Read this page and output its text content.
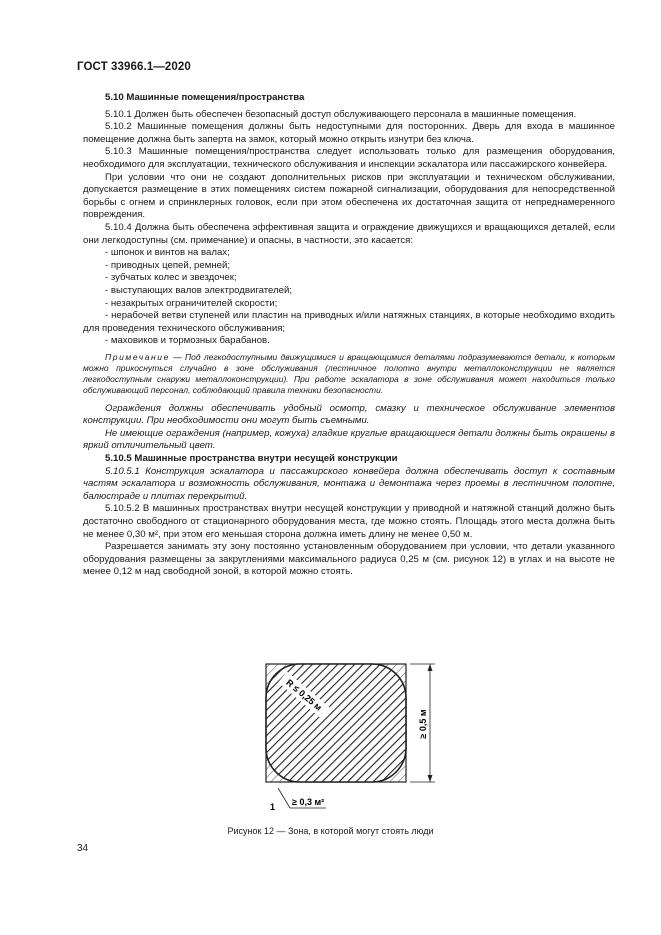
ГОСТ 33966.1—2020

5.10 Машинные помещения/пространства

5.10.1 Должен быть обеспечен безопасный доступ обслуживающего персонала в машинные помещения.

5.10.2 Машинные помещения должны быть недоступными для посторонних. Дверь для входа в машинное помещение должна быть заперта на замок, который можно открыть изнутри без ключа.

5.10.3 Машинные помещения/пространства следует использовать только для размещения оборудования, необходимого для эксплуатации, технического обслуживания и инспекции эскалатора или пассажирского конвейера.

При условии что они не создают дополнительных рисков при эксплуатации и техническом обслуживании, допускается размещение в этих помещениях систем пожарной сигнализации, оборудования для непосредственной борьбы с огнем и спринклерных головок, если при этом обеспечена их достаточная защита от непреднамеренного повреждения.

5.10.4 Должна быть обеспечена эффективная защита и ограждение движущихся и вращающихся деталей, если они легкодоступны (см. примечание) и опасны, в частности, это касается:

- шпонок и винтов на валах;

- приводных цепей, ремней;

- зубчатых колес и звездочек;

- выступающих валов электродвигателей;

- незакрытых ограничителей скорости;

- нерабочей ветви ступеней или пластин на приводных и/или натяжных станциях, в которые необходимо входить для проведения технического обслуживания;

- маховиков и тормозных барабанов.

Примечание — Под легкодоступными движущимися и вращающимися деталями подразумеваются детали, к которым можно прикоснуться случайно в зоне обслуживания (лестничное полотно внутри металлоконструкции не является легкодоступным снаружи металлоконструкции). При работе эскалатора в зоне обслуживания может находиться только обслуживающий персонал, соблюдающий правила техники безопасности.

Ограждения должны обеспечивать удобный осмотр, смазку и техническое обслуживание элементов конструкции. При необходимости они могут быть съемными.

Не имеющие ограждения (например, кожуха) гладкие круглые вращающиеся детали должны быть окрашены в яркий отличительный цвет.

5.10.5 Машинные пространства внутри несущей конструкции

5.10.5.1 Конструкция эскалатора и пассажирского конвейера должна обеспечивать доступ к составным частям эскалатора и возможность обслуживания, монтажа и демонтажа через проемы в лестничном полотне, балюстраде и плитах перекрытий.

5.10.5.2 В машинных пространствах внутри несущей конструкции у приводной и натяжной станций должно быть достаточно свободного от стационарного оборудования места, где можно стоять. Площадь этого места должна быть не менее 0,30 м², при этом его меньшая сторона должна иметь длину не менее 0,50 м.

Разрешается занимать эту зону постоянно установленным оборудованием при условии, что детали указанного оборудования размещены за закруглениями максимального радиуса 0,25 м (см. рисунок 12) в углах и на высоте не менее 0,12 м над свободной зоной, в которой можно стоять.

R ≤ 0,25 м
≥ 0,5 м
1 ≥ 0,3 м²
Рисунок 12 — Зона, в которой могут стоять люди
34
